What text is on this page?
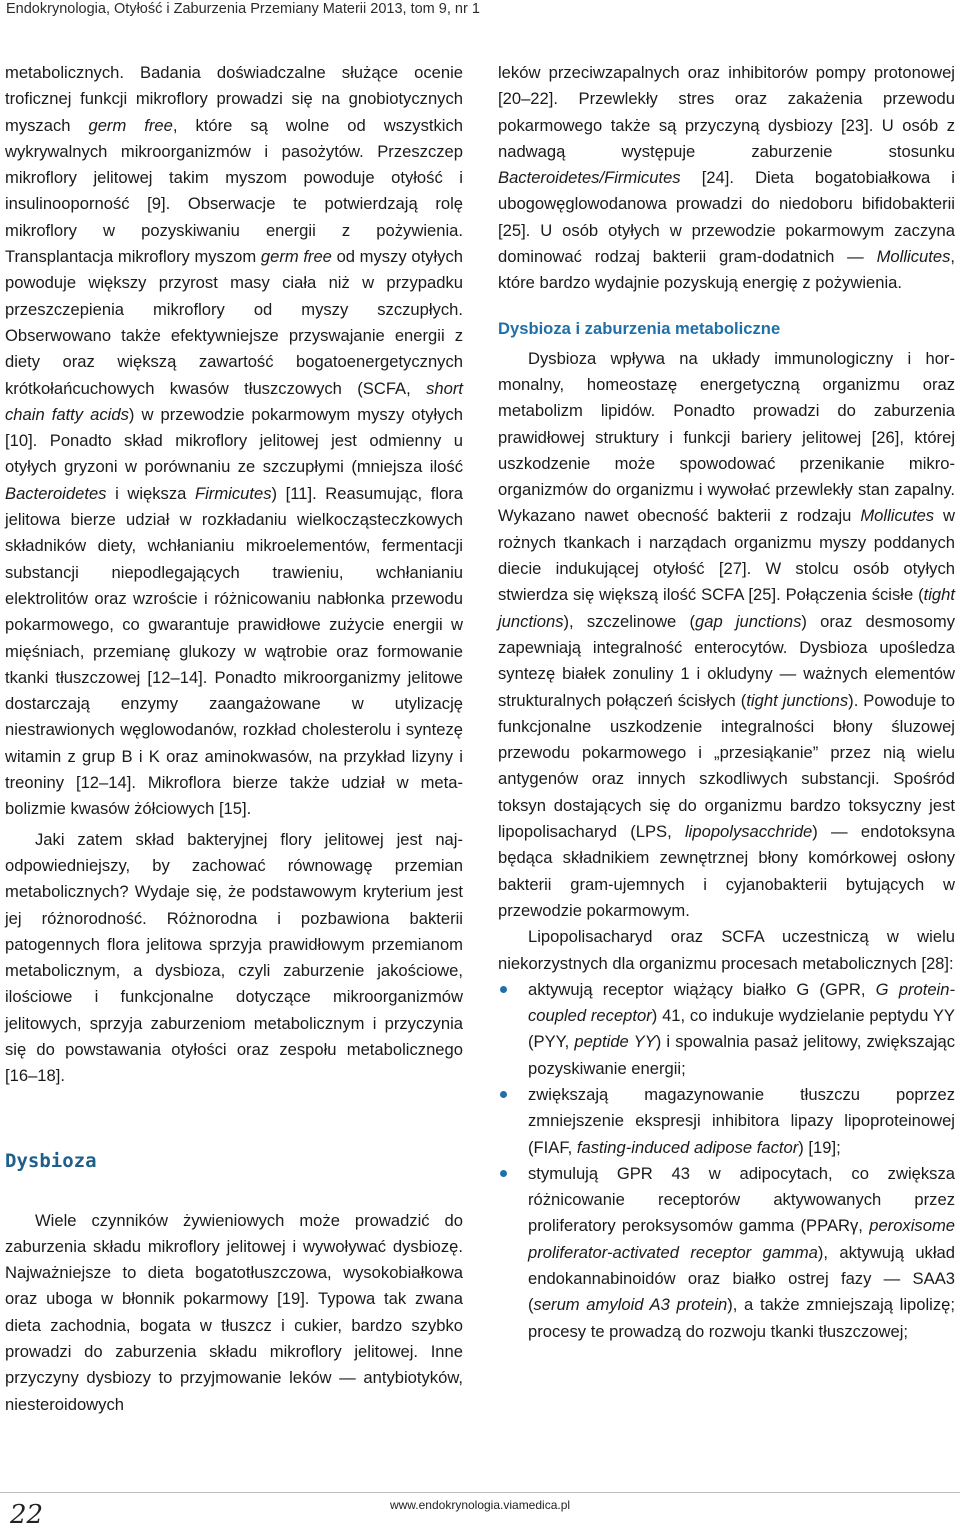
Endokrynologia, Otyłość i Zaburzenia Przemiany Materii 2013, tom 9, nr 1

metabolicznych. Badania doświadczalne służące ocenie troficznej funkcji mikroflory prowadzi się na gnobiotycznych myszach germ free, które są wolne od wszystkich wykrywalnych mikroorganizmów i pasożytów. Przeszczep mikroflory jelitowej takim myszom powoduje otyłość i insulinooporność [9]. Obserwacje te potwierdzają rolę mikroflory w pozyskiwaniu energii z pożywienia. Transplantacja mikroflory myszom germ free od myszy otyłych powoduje większy przyrost masy ciała niż w przypadku przeszczepienia mikroflory od myszy szczupłych. Obserwowano także efektywniejsze przyswajanie energii z diety oraz większą zawartość bogatoenergetycznych krótkołańcuchowych kwasów tłuszczowych (SCFA, short chain fatty acids) w przewodzie pokarmowym myszy otyłych [10]. Ponadto skład mikroflory jelitowej jest odmienny u otyłych gryzoni w porównaniu ze szczupłymi (mniejsza ilość Bacteroidetes i większa Firmicutes) [11]. Reasumując, flora jelitowa bierze udział w rozkładaniu wielkocząsteczkowych składników diety, wchłanianiu mikroelementów, fermentacji substancji niepodlegających trawieniu, wchłanianiu elektrolitów oraz wzroście i różnicowaniu nabłonka przewodu pokarmowego, co gwarantuje prawidłowe zużycie energii w mięśniach, przemianę glukozy w wątrobie oraz formowanie tkanki tłuszczowej [12–14]. Ponadto mikroorganizmy jelitowe dostarczają enzymy zaangażowane w utylizację niestrawionych węglowodanów, rozkład cholesterolu i syntezę witamin z grup B i K oraz aminokwasów, na przykład lizyny i treoniny [12–14]. Mikroflora bierze także udział w metabolizmie kwasów żółciowych [15].

Jaki zatem skład bakteryjnej flory jelitowej jest najodpowiedniejszy, by zachować równowagę przemian metabolicznych? Wydaje się, że podstawowym kryterium jest jej różnorodność. Różnorodna i pozbawiona bakterii patogennych flora jelitowa sprzyja prawidłowym przemianom metabolicznym, a dysbioza, czyli zaburzenie jakościowe, ilościowe i funkcjonalne dotyczące mikroorganizmów jelitowych, sprzyja zaburzeniom metabolicznym i przyczynia się do powstawania otyłości oraz zespołu metabolicznego [16–18].

Dysbioza

Wiele czynników żywieniowych może prowadzić do zaburzenia składu mikroflory jelitowej i wywoływać dysbiozę. Najważniejsze to dieta bogatotłuszczowa, wysokobiałkowa oraz uboga w błonnik pokarmowy [19]. Typowa tak zwana dieta zachodnia, bogata w tłuszcz i cukier, bardzo szybko prowadzi do zaburzenia składu mikroflory jelitowej. Inne przyczyny dysbiozy to przyjmowanie leków — antybiotyków, niesteroidowych

leków przeciwzapalnych oraz inhibitorów pompy protonowej [20–22]. Przewlekły stres oraz zakażenia przewodu pokarmowego także są przyczyną dysbiozy [23]. U osób z nadwagą występuje zaburzenie stosunku Bacteroidetes/Firmicutes [24]. Dieta bogatobiałkowa i ubogowęglowodanowa prowadzi do niedoboru bifidobakterii [25]. U osób otyłych w przewodzie pokarmowym zaczyna dominować rodzaj bakterii gram-dodatnich — Mollicutes, które bardzo wydajnie pozyskują energię z pożywienia.

Dysbioza i zaburzenia metaboliczne

Dysbioza wpływa na układy immunologiczny i hormonalny, homeostazę energetyczną organizmu oraz metabolizm lipidów. Ponadto prowadzi do zaburzenia prawidłowej struktury i funkcji bariery jelitowej [26], której uszkodzenie może spowodować przenikanie mikroorganizmów do organizmu i wywołać przewlekły stan zapalny. Wykazano nawet obecność bakterii z rodzaju Mollicutes w rożnych tkankach i narządach organizmu myszy poddanych diecie indukującej otyłość [27]. W stolcu osób otyłych stwierdza się większą ilość SCFA [25]. Połączenia ścisłe (tight junctions), szczelinowe (gap junctions) oraz desmosomy zapewniają integralność enterocytów. Dysbioza upośledza syntezę białek zonuliny 1 i okludyny — ważnych elementów strukturalnych połączeń ścisłych (tight junctions). Powoduje to funkcjonalne uszkodzenie integralności błony śluzowej przewodu pokarmowego i „przesiąkanie” przez nią wielu antygenów oraz innych szkodliwych substancji. Spośród toksyn dostających się do organizmu bardzo toksyczny jest lipopolisacharyd (LPS, lipopolysacchride) — endotoksyna będąca składnikiem zewnętrznej błony komórkowej osłony bakterii gram-ujemnych i cyjanobakterii bytujących w przewodzie pokarmowym.

Lipopolisacharyd oraz SCFA uczestniczą w wielu niekorzystnych dla organizmu procesach metabolicznych [28]:

aktywują receptor wiążący białko G (GPR, G protein-coupled receptor) 41, co indukuje wydzielanie peptydu YY (PYY, peptide YY) i spowalnia pasaż jelitowy, zwiększając pozyskiwanie energii;
zwiększają magazynowanie tłuszczu poprzez zmniejszenie ekspresji inhibitora lipazy lipoproteinowej (FIAF, fasting-induced adipose factor) [19];
stymulują GPR 43 w adipocytach, co zwiększa różnicowanie receptorów aktywowanych przez proliferatory peroksysomów gamma (PPARγ, peroxisome proliferator-activated receptor gamma), aktywują układ endokannabinoidów oraz białko ostrej fazy — SAA3 (serum amyloid A3 protein), a także zmniejszają lipolizę; procesy te prowadzą do rozwoju tkanki tłuszczowej;
22	www.endokrynologia.viamedica.pl
